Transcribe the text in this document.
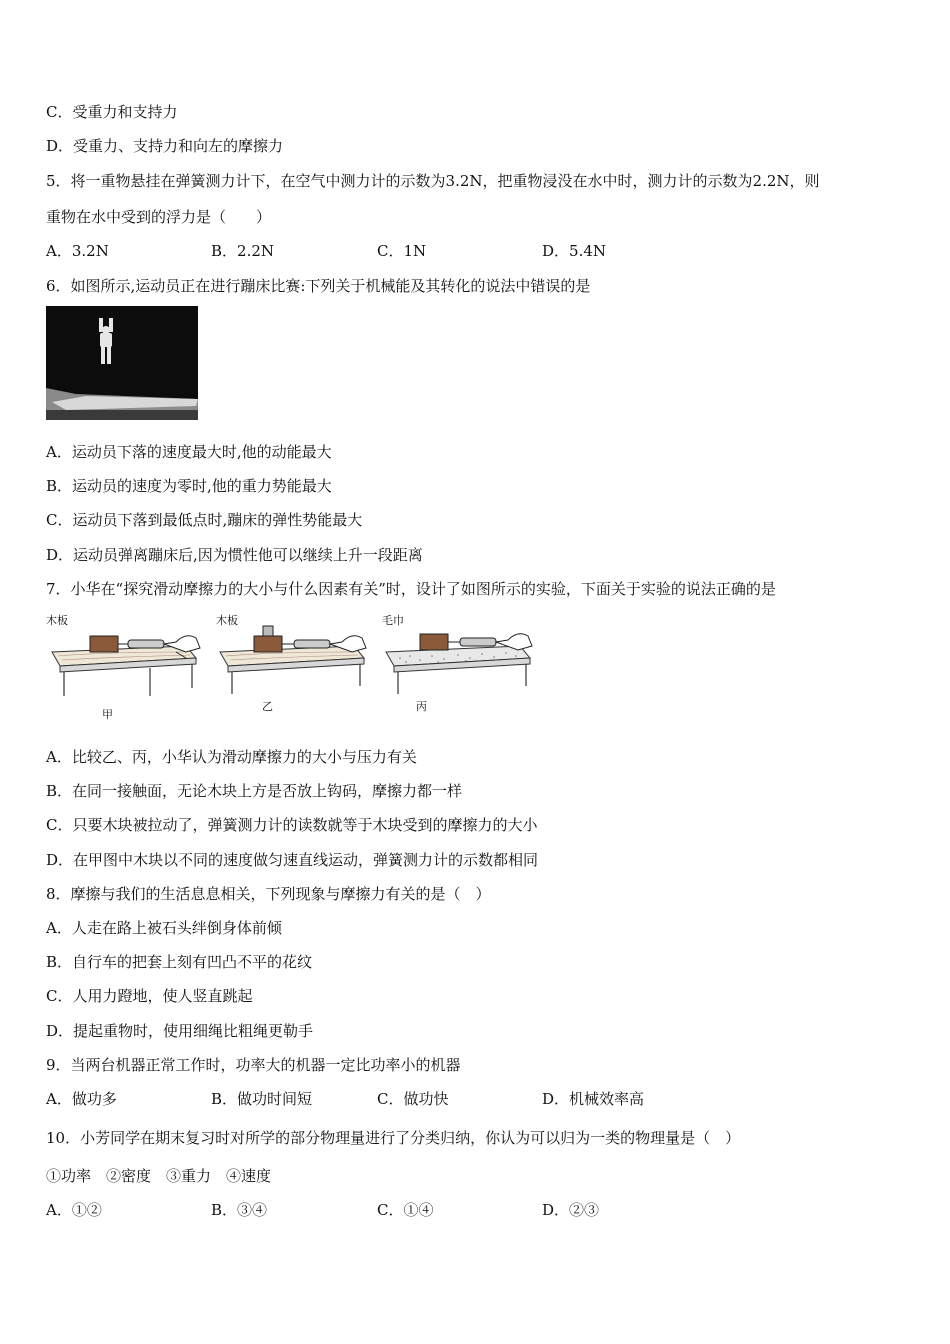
C．受重力和支持力
D．受重力、支持力和向左的摩擦力
5．将一重物悬挂在弹簧测力计下，在空气中测力计的示数为3.2N，把重物浸没在水中时，测力计的示数为2.2N，则
重物在水中受到的浮力是（　　）
A．3.2N	B．2.2N	C．1N	D．5.4N
6．如图所示,运动员正在进行蹦床比赛:下列关于机械能及其转化的说法中错误的是
A．运动员下落的速度最大时,他的动能最大
B．运动员的速度为零时,他的重力势能最大
C．运动员下落到最低点时,蹦床的弹性势能最大
D．运动员弹离蹦床后,因为惯性他可以继续上升一段距离
7．小华在“探究滑动摩擦力的大小与什么因素有关”时，设计了如图所示的实验，下面关于实验的说法正确的是
木板
甲
木板
乙
毛巾
丙
A．比较乙、丙，小华认为滑动摩擦力的大小与压力有关
B．在同一接触面，无论木块上方是否放上钩码，摩擦力都一样
C．只要木块被拉动了，弹簧测力计的读数就等于木块受到的摩擦力的大小
D．在甲图中木块以不同的速度做匀速直线运动，弹簧测力计的示数都相同
8．摩擦与我们的生活息息相关，下列现象与摩擦力有关的是（　）
A．人走在路上被石头绊倒身体前倾
B．自行车的把套上刻有凹凸不平的花纹
C．人用力蹬地，使人竖直跳起
D．提起重物时，使用细绳比粗绳更勒手
9．当两台机器正常工作时，功率大的机器一定比功率小的机器
A．做功多	B．做功时间短	C．做功快	D．机械效率高
10．小芳同学在期末复习时对所学的部分物理量进行了分类归纳，你认为可以归为一类的物理量是（　）
①功率　②密度　③重力　④速度
A．①②	B．③④	C．①④	D．②③
